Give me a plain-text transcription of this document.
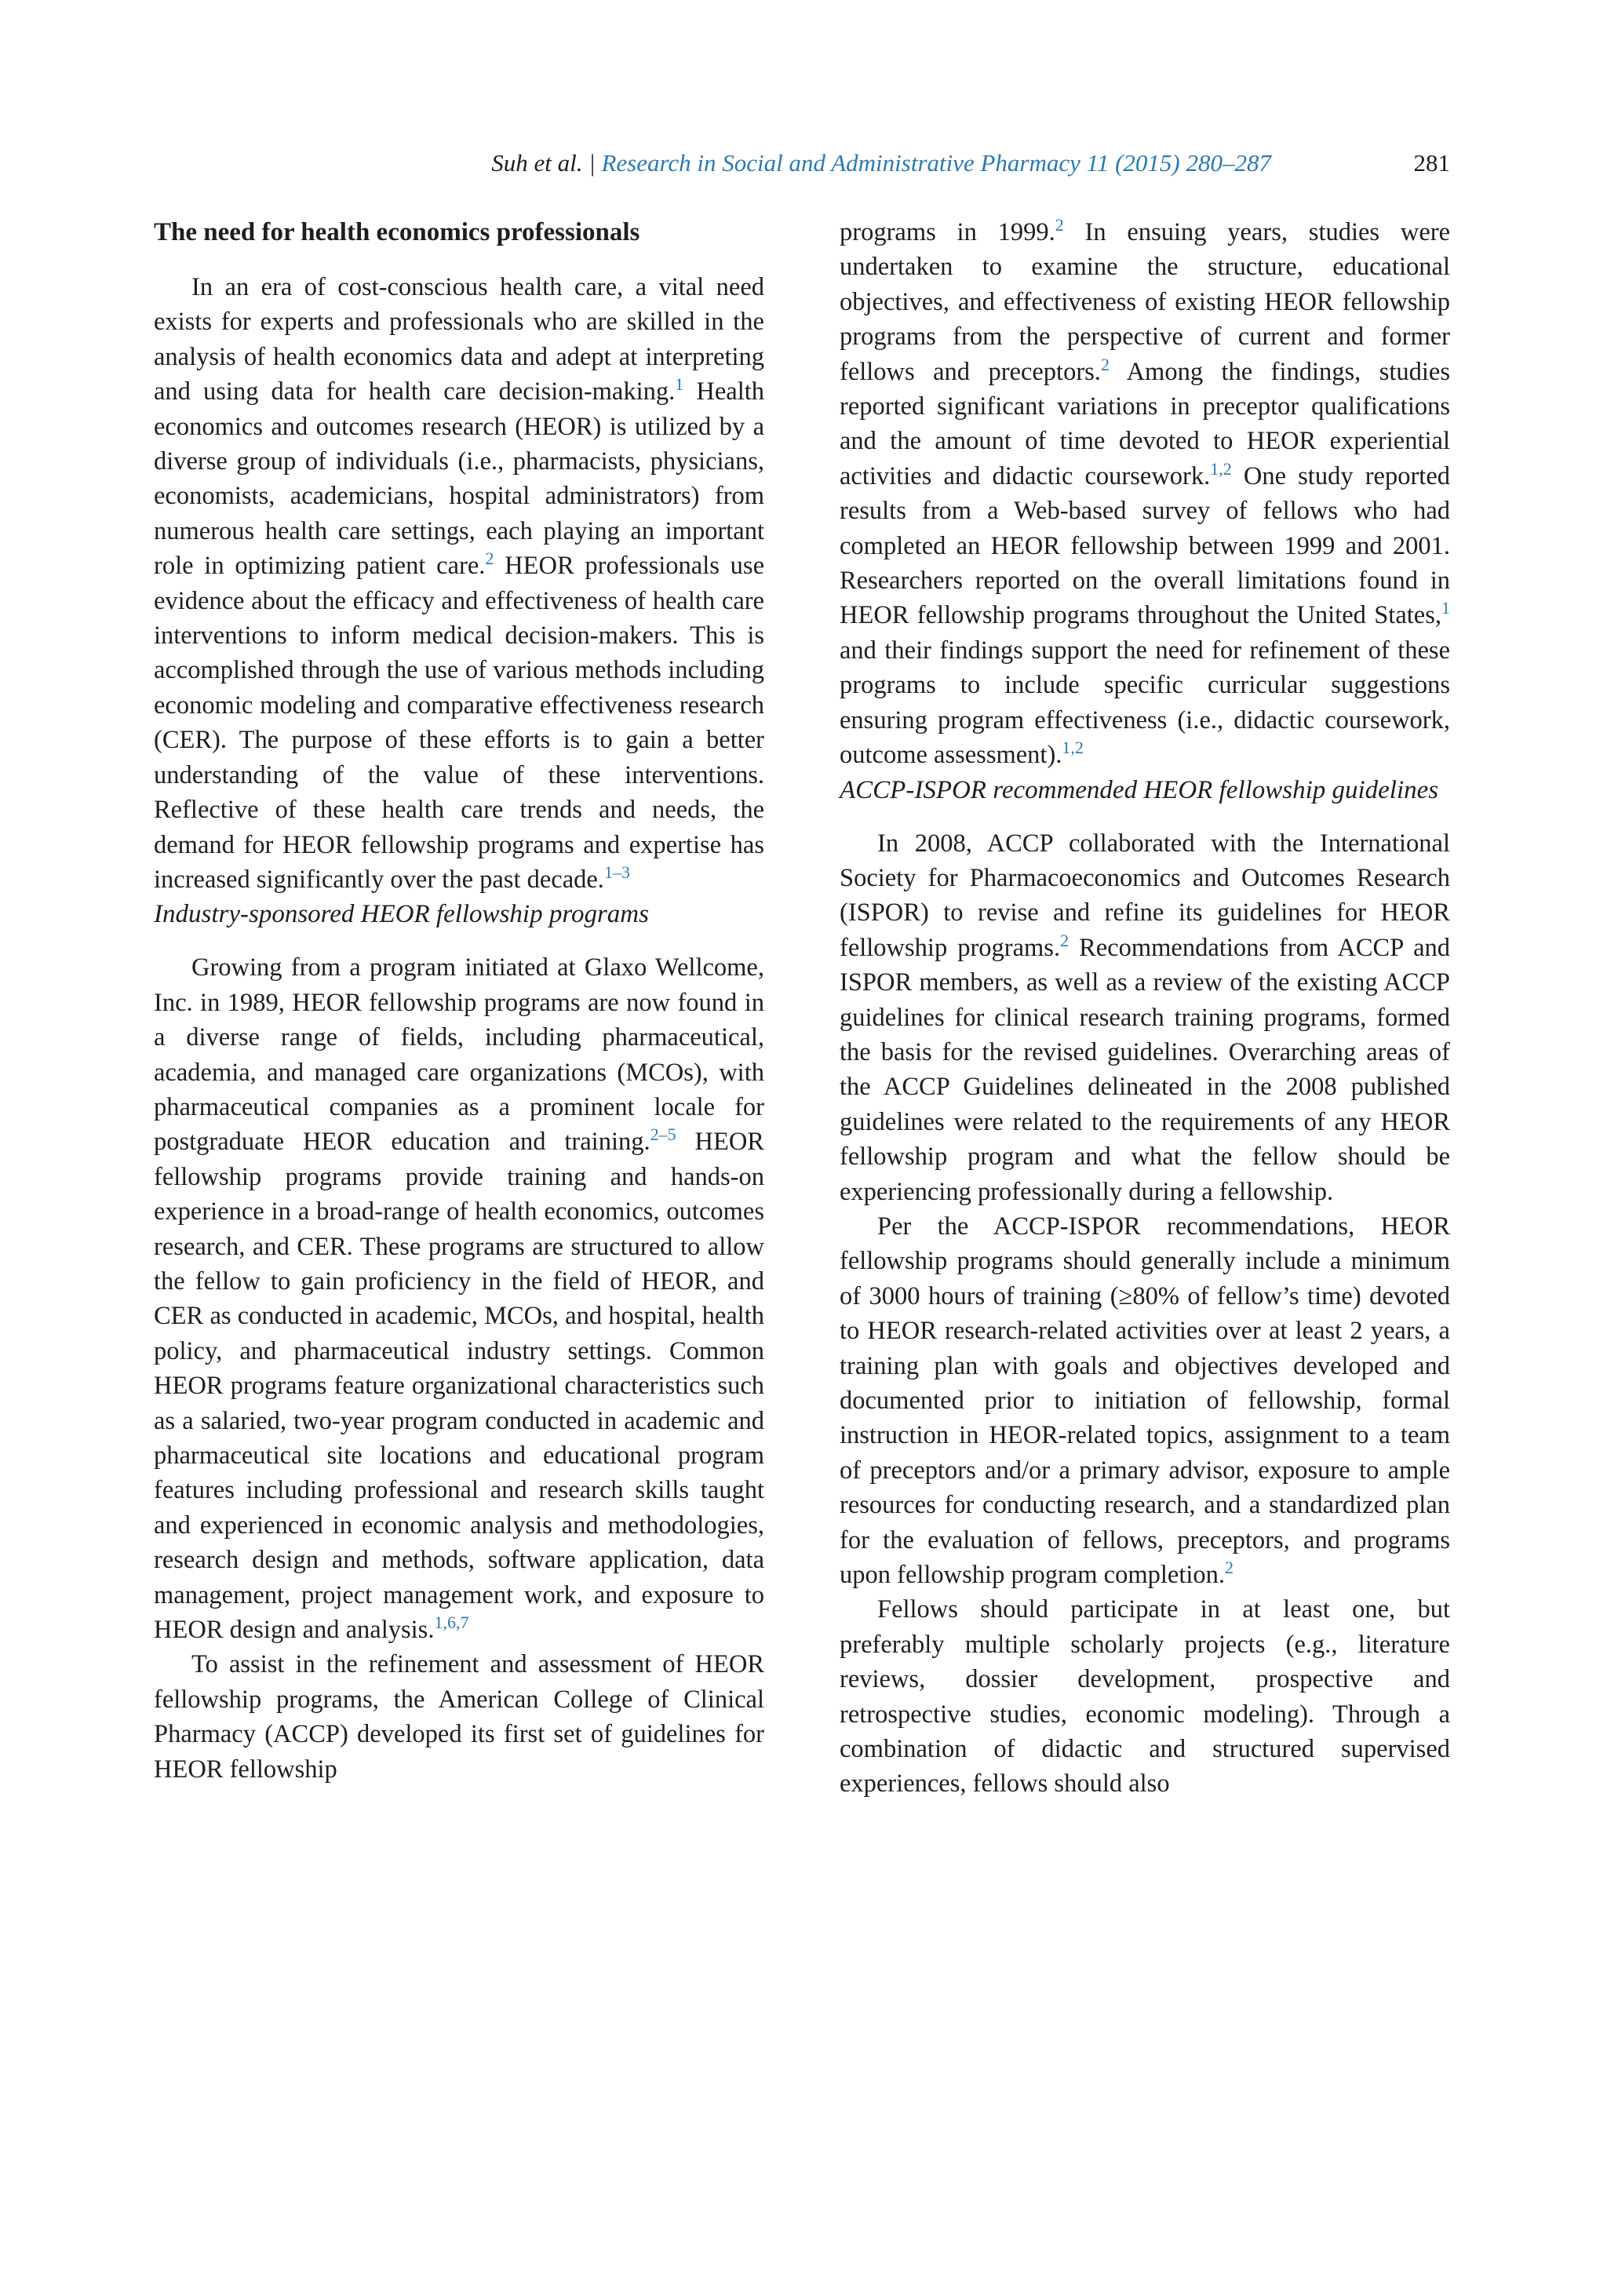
Suh et al. | Research in Social and Administrative Pharmacy 11 (2015) 280–287	281
The need for health economics professionals

In an era of cost-conscious health care, a vital need exists for experts and professionals who are skilled in the analysis of health economics data and adept at interpreting and using data for health care decision-making.$^1$ Health economics and outcomes research (HEOR) is utilized by a diverse group of individuals (i.e., pharmacists, physicians, economists, academicians, hospital administrators) from numerous health care settings, each playing an important role in optimizing patient care.$^2$ HEOR professionals use evidence about the efficacy and effectiveness of health care interventions to inform medical decision-makers. This is accomplished through the use of various methods including economic modeling and comparative effectiveness research (CER). The purpose of these efforts is to gain a better understanding of the value of these interventions. Reflective of these health care trends and needs, the demand for HEOR fellowship programs and expertise has increased significantly over the past decade.$^{1-3}$

Industry-sponsored HEOR fellowship programs

Growing from a program initiated at Glaxo Wellcome, Inc. in 1989, HEOR fellowship programs are now found in a diverse range of fields, including pharmaceutical, academia, and managed care organizations (MCOs), with pharmaceutical companies as a prominent locale for postgraduate HEOR education and training.$^{2-5}$ HEOR fellowship programs provide training and hands-on experience in a broad-range of health economics, outcomes research, and CER. These programs are structured to allow the fellow to gain proficiency in the field of HEOR, and CER as conducted in academic, MCOs, and hospital, health policy, and pharmaceutical industry settings. Common HEOR programs feature organizational characteristics such as a salaried, two-year program conducted in academic and pharmaceutical site locations and educational program features including professional and research skills taught and experienced in economic analysis and methodologies, research design and methods, software application, data management, project management work, and exposure to HEOR design and analysis.$^{1,6,7}$

To assist in the refinement and assessment of HEOR fellowship programs, the American College of Clinical Pharmacy (ACCP) developed its first set of guidelines for HEOR fellowship

programs in 1999.$^2$ In ensuing years, studies were undertaken to examine the structure, educational objectives, and effectiveness of existing HEOR fellowship programs from the perspective of current and former fellows and preceptors.$^2$ Among the findings, studies reported significant variations in preceptor qualifications and the amount of time devoted to HEOR experiential activities and didactic coursework.$^{1,2}$ One study reported results from a Web-based survey of fellows who had completed an HEOR fellowship between 1999 and 2001. Researchers reported on the overall limitations found in HEOR fellowship programs throughout the United States,$^1$ and their findings support the need for refinement of these programs to include specific curricular suggestions ensuring program effectiveness (i.e., didactic coursework, outcome assessment).$^{1,2}$

ACCP-ISPOR recommended HEOR fellowship guidelines

In 2008, ACCP collaborated with the International Society for Pharmacoeconomics and Outcomes Research (ISPOR) to revise and refine its guidelines for HEOR fellowship programs.$^2$ Recommendations from ACCP and ISPOR members, as well as a review of the existing ACCP guidelines for clinical research training programs, formed the basis for the revised guidelines. Overarching areas of the ACCP Guidelines delineated in the 2008 published guidelines were related to the requirements of any HEOR fellowship program and what the fellow should be experiencing professionally during a fellowship.

Per the ACCP-ISPOR recommendations, HEOR fellowship programs should generally include a minimum of 3000 hours of training (≥80% of fellow’s time) devoted to HEOR research-related activities over at least 2 years, a training plan with goals and objectives developed and documented prior to initiation of fellowship, formal instruction in HEOR-related topics, assignment to a team of preceptors and/or a primary advisor, exposure to ample resources for conducting research, and a standardized plan for the evaluation of fellows, preceptors, and programs upon fellowship program completion.$^2$

Fellows should participate in at least one, but preferably multiple scholarly projects (e.g., literature reviews, dossier development, prospective and retrospective studies, economic modeling). Through a combination of didactic and structured supervised experiences, fellows should also
